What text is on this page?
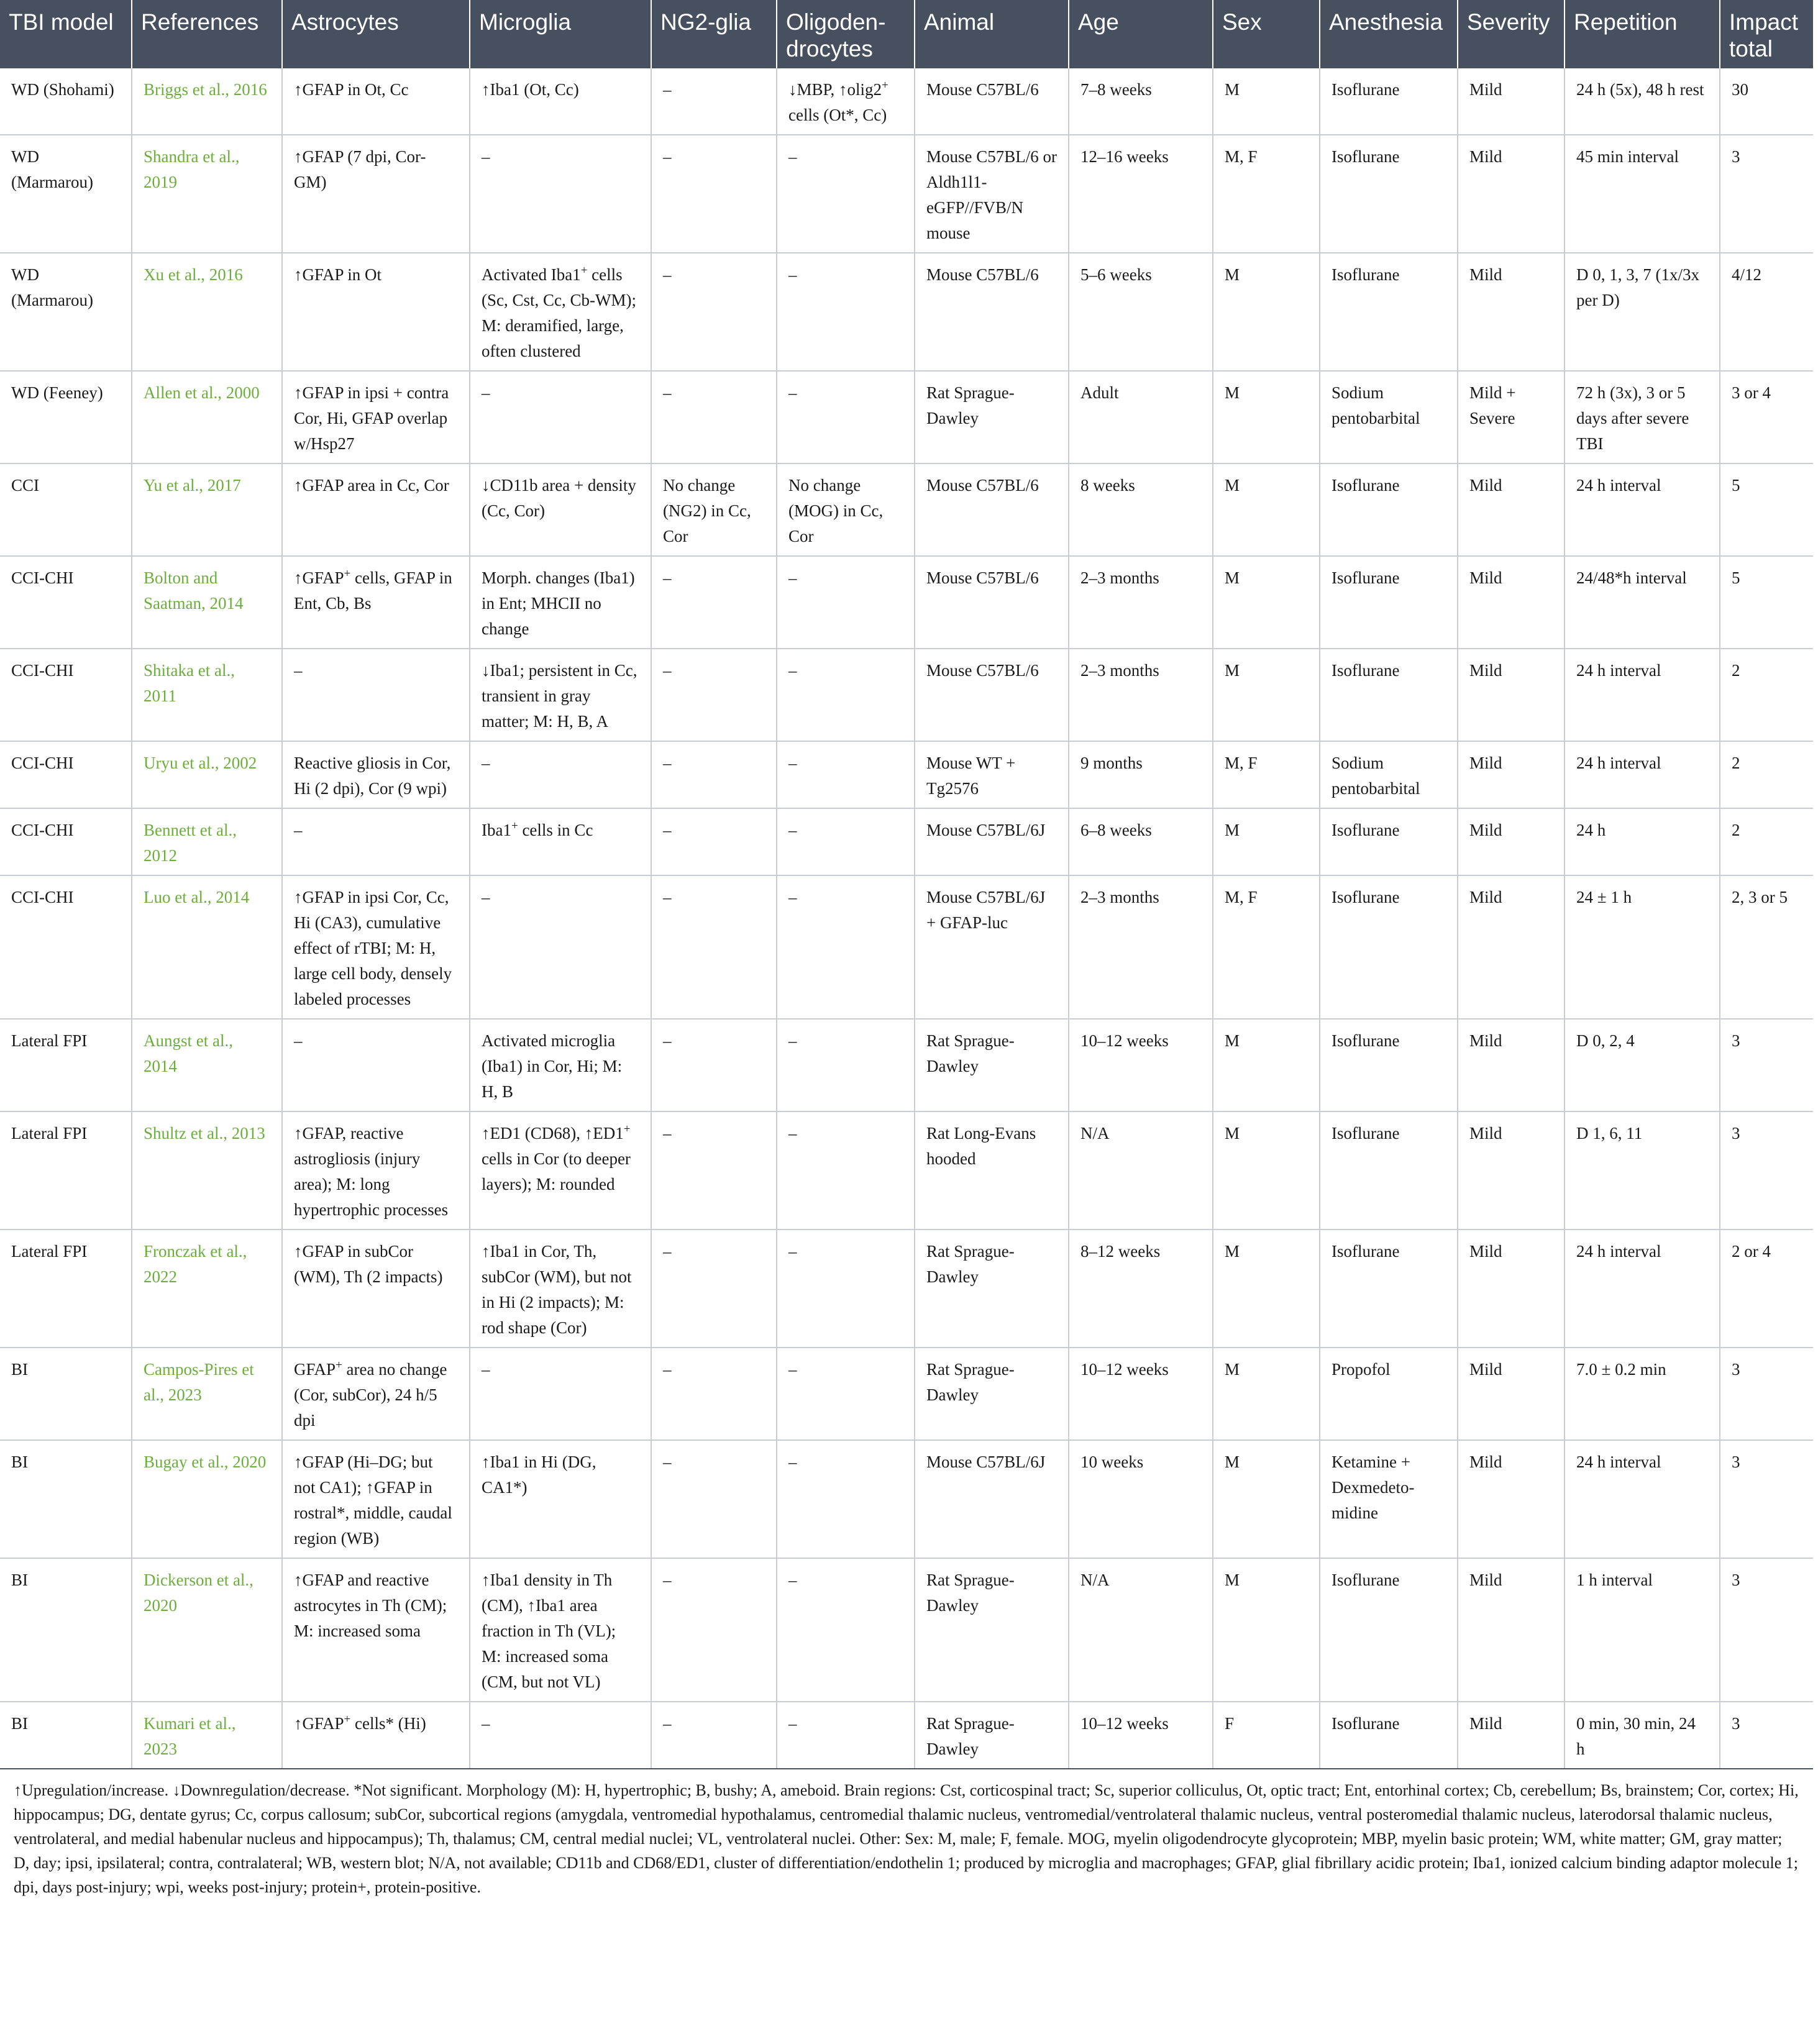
TBI model	References	Astrocytes	Microglia	NG2-glia	Oligoden-drocytes	Animal	Age	Sex	Anesthesia	Severity	Repetition	Impact total
WD (Shohami)	Briggs et al., 2016	↑GFAP in Ot, Cc	↑Iba1 (Ot, Cc)	–	↓MBP, ↑olig2+ cells (Ot*, Cc)	Mouse C57BL/6	7–8 weeks	M	Isoflurane	Mild	24 h (5x), 48 h rest	30
WD (Marmarou)	Shandra et al., 2019	↑GFAP (7 dpi, Cor-GM)	–	–	–	Mouse C57BL/6 or Aldh1l1-eGFP//FVB/N mouse	12–16 weeks	M, F	Isoflurane	Mild	45 min interval	3
WD (Marmarou)	Xu et al., 2016	↑GFAP in Ot	Activated Iba1+ cells (Sc, Cst, Cc, Cb-WM); M: deramified, large, often clustered	–	–	Mouse C57BL/6	5–6 weeks	M	Isoflurane	Mild	D 0, 1, 3, 7 (1x/3x per D)	4/12
WD (Feeney)	Allen et al., 2000	↑GFAP in ipsi + contra Cor, Hi, GFAP overlap w/Hsp27	–	–	–	Rat Sprague-Dawley	Adult	M	Sodium pentobarbital	Mild + Severe	72 h (3x), 3 or 5 days after severe TBI	3 or 4
CCI	Yu et al., 2017	↑GFAP area in Cc, Cor	↓CD11b area + density (Cc, Cor)	No change (NG2) in Cc, Cor	No change (MOG) in Cc, Cor	Mouse C57BL/6	8 weeks	M	Isoflurane	Mild	24 h interval	5
CCI-CHI	Bolton and Saatman, 2014	↑GFAP+ cells, GFAP in Ent, Cb, Bs	Morph. changes (Iba1) in Ent; MHCII no change	–	–	Mouse C57BL/6	2–3 months	M	Isoflurane	Mild	24/48*h interval	5
CCI-CHI	Shitaka et al., 2011	–	↓Iba1; persistent in Cc, transient in gray matter; M: H, B, A	–	–	Mouse C57BL/6	2–3 months	M	Isoflurane	Mild	24 h interval	2
CCI-CHI	Uryu et al., 2002	Reactive gliosis in Cor, Hi (2 dpi), Cor (9 wpi)	–	–	–	Mouse WT + Tg2576	9 months	M, F	Sodium pentobarbital	Mild	24 h interval	2
CCI-CHI	Bennett et al., 2012	–	Iba1+ cells in Cc	–	–	Mouse C57BL/6J	6–8 weeks	M	Isoflurane	Mild	24 h	2
CCI-CHI	Luo et al., 2014	↑GFAP in ipsi Cor, Cc, Hi (CA3), cumulative effect of rTBI; M: H, large cell body, densely labeled processes	–	–	–	Mouse C57BL/6J + GFAP-luc	2–3 months	M, F	Isoflurane	Mild	24 ± 1 h	2, 3 or 5
Lateral FPI	Aungst et al., 2014	–	Activated microglia (Iba1) in Cor, Hi; M: H, B	–	–	Rat Sprague-Dawley	10–12 weeks	M	Isoflurane	Mild	D 0, 2, 4	3
Lateral FPI	Shultz et al., 2013	↑GFAP, reactive astrogliosis (injury area); M: long hypertrophic processes	↑ED1 (CD68), ↑ED1+ cells in Cor (to deeper layers); M: rounded	–	–	Rat Long-Evans hooded	N/A	M	Isoflurane	Mild	D 1, 6, 11	3
Lateral FPI	Fronczak et al., 2022	↑GFAP in subCor (WM), Th (2 impacts)	↑Iba1 in Cor, Th, subCor (WM), but not in Hi (2 impacts); M: rod shape (Cor)	–	–	Rat Sprague-Dawley	8–12 weeks	M	Isoflurane	Mild	24 h interval	2 or 4
BI	Campos-Pires et al., 2023	GFAP+ area no change (Cor, subCor), 24 h/5 dpi	–	–	–	Rat Sprague-Dawley	10–12 weeks	M	Propofol	Mild	7.0 ± 0.2 min	3
BI	Bugay et al., 2020	↑GFAP (Hi–DG; but not CA1); ↑GFAP in rostral*, middle, caudal region (WB)	↑Iba1 in Hi (DG, CA1*)	–	–	Mouse C57BL/6J	10 weeks	M	Ketamine + Dexmedeto-midine	Mild	24 h interval	3
BI	Dickerson et al., 2020	↑GFAP and reactive astrocytes in Th (CM); M: increased soma	↑Iba1 density in Th (CM), ↑Iba1 area fraction in Th (VL); M: increased soma (CM, but not VL)	–	–	Rat Sprague-Dawley	N/A	M	Isoflurane	Mild	1 h interval	3
BI	Kumari et al., 2023	↑GFAP+ cells* (Hi)	–	–	–	Rat Sprague-Dawley	10–12 weeks	F	Isoflurane	Mild	0 min, 30 min, 24 h	3
↑Upregulation/increase. ↓Downregulation/decrease. *Not significant. Morphology (M): H, hypertrophic; B, bushy; A, ameboid. Brain regions: Cst, corticospinal tract; Sc, superior colliculus, Ot, optic tract; Ent, entorhinal cortex; Cb, cerebellum; Bs, brainstem; Cor, cortex; Hi, hippocampus; DG, dentate gyrus; Cc, corpus callosum; subCor, subcortical regions (amygdala, ventromedial hypothalamus, centromedial thalamic nucleus, ventromedial/ventrolateral thalamic nucleus, ventral posteromedial thalamic nucleus, laterodorsal thalamic nucleus, ventrolateral, and medial habenular nucleus and hippocampus); Th, thalamus; CM, central medial nuclei; VL, ventrolateral nuclei. Other: Sex: M, male; F, female. MOG, myelin oligodendrocyte glycoprotein; MBP, myelin basic protein; WM, white matter; GM, gray matter; D, day; ipsi, ipsilateral; contra, contralateral; WB, western blot; N/A, not available; CD11b and CD68/ED1, cluster of differentiation/endothelin 1; produced by microglia and macrophages; GFAP, glial fibrillary acidic protein; Iba1, ionized calcium binding adaptor molecule 1; dpi, days post-injury; wpi, weeks post-injury; protein+, protein-positive.
